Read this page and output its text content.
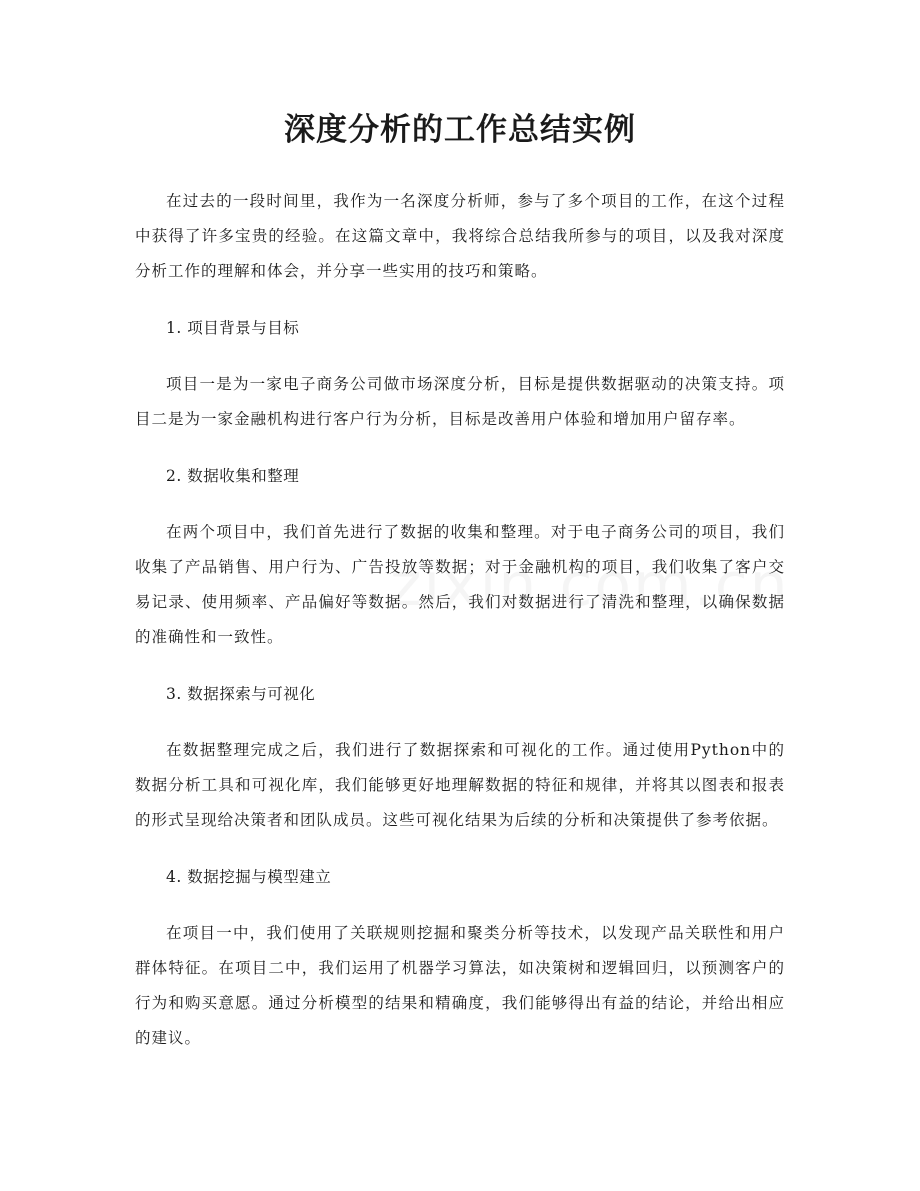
深度分析的工作总结实例

在过去的一段时间里，我作为一名深度分析师，参与了多个项目的工作，在这个过程中获得了许多宝贵的经验。在这篇文章中，我将综合总结我所参与的项目，以及我对深度分析工作的理解和体会，并分享一些实用的技巧和策略。

1. 项目背景与目标

项目一是为一家电子商务公司做市场深度分析，目标是提供数据驱动的决策支持。项目二是为一家金融机构进行客户行为分析，目标是改善用户体验和增加用户留存率。

2. 数据收集和整理

在两个项目中，我们首先进行了数据的收集和整理。对于电子商务公司的项目，我们收集了产品销售、用户行为、广告投放等数据；对于金融机构的项目，我们收集了客户交易记录、使用频率、产品偏好等数据。然后，我们对数据进行了清洗和整理，以确保数据的准确性和一致性。

3. 数据探索与可视化

在数据整理完成之后，我们进行了数据探索和可视化的工作。通过使用Python中的数据分析工具和可视化库，我们能够更好地理解数据的特征和规律，并将其以图表和报表的形式呈现给决策者和团队成员。这些可视化结果为后续的分析和决策提供了参考依据。

4. 数据挖掘与模型建立

在项目一中，我们使用了关联规则挖掘和聚类分析等技术，以发现产品关联性和用户群体特征。在项目二中，我们运用了机器学习算法，如决策树和逻辑回归，以预测客户的行为和购买意愿。通过分析模型的结果和精确度，我们能够得出有益的结论，并给出相应的建议。
